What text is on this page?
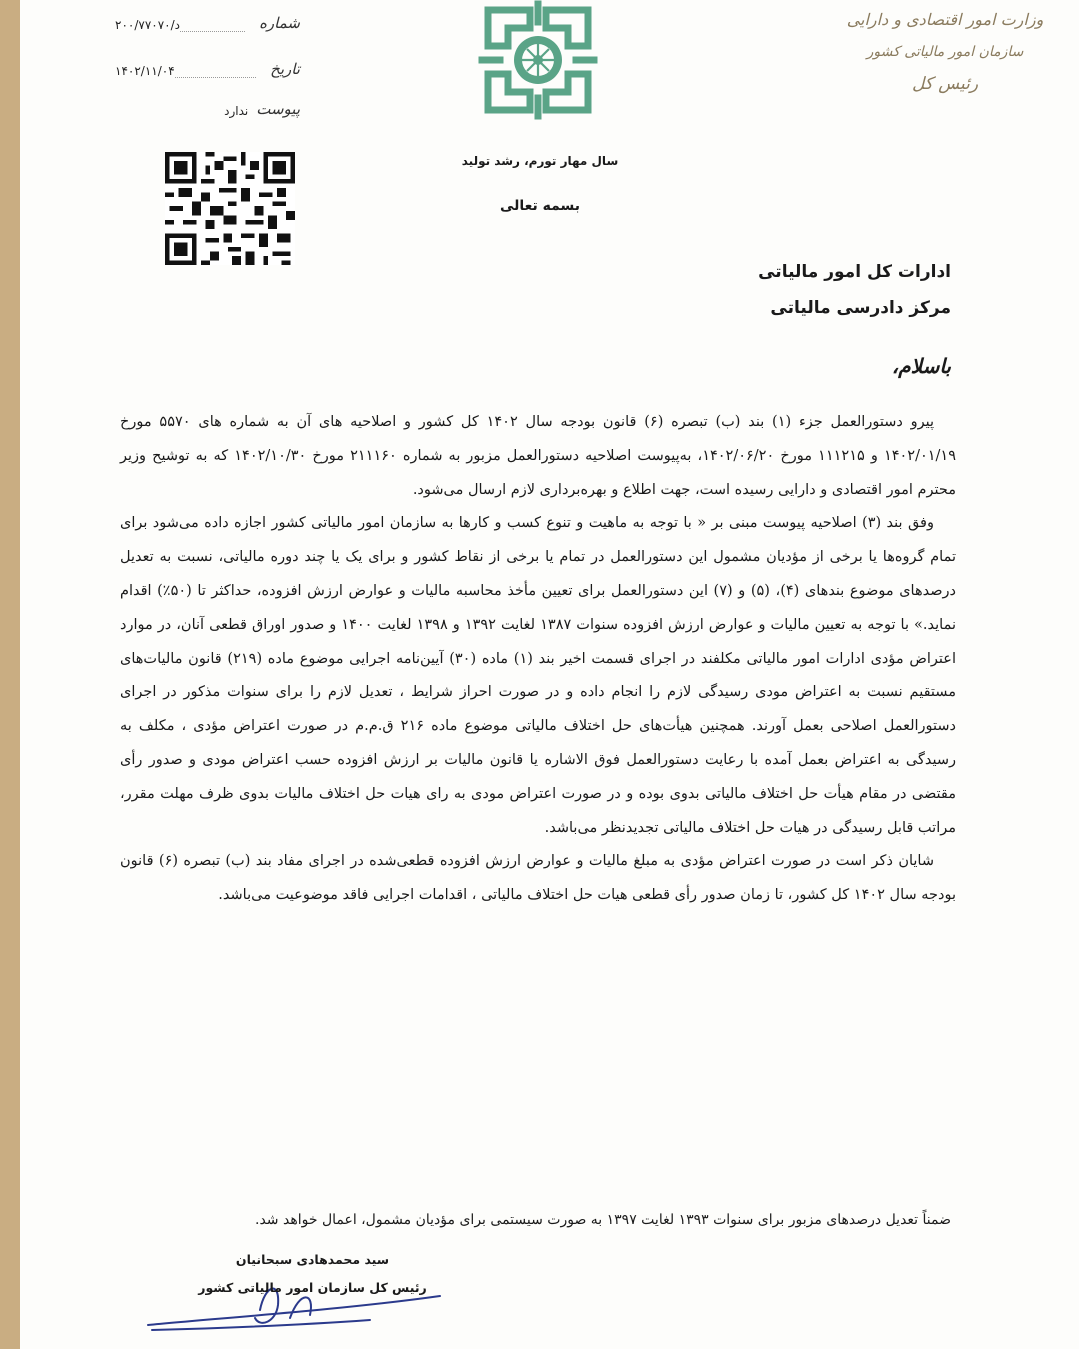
شماره
د/۲۰۰/۷۷۰۷۰
تاریخ
۱۴۰۲/۱۱/۰۴
پیوست
ندارد
وزارت امور اقتصادی و دارایی
سازمان امور مالیاتی کشور
رئیس کل
سال مهار تورم، رشد تولید
بسمه تعالی
ادارات کل امور مالیاتی
مرکز دادرسی مالیاتی
باسلام،

پیرو دستورالعمل جزء (۱) بند (ب) تبصره (۶) قانون بودجه سال ۱۴۰۲ کل کشور و اصلاحیه های آن به شماره های ۵۵۷۰ مورخ ۱۴۰۲/۰۱/۱۹ و ۱۱۱۲۱۵ مورخ ۱۴۰۲/۰۶/۲۰، به‌پیوست اصلاحیه دستورالعمل مزبور به شماره ۲۱۱۱۶۰ مورخ ۱۴۰۲/۱۰/۳۰ که به توشیح وزیر محترم امور اقتصادی و دارایی رسیده است، جهت اطلاع و بهره‌برداری لازم ارسال می‌شود.

وفق بند (۳) اصلاحیه پیوست مبنی بر « با توجه به ماهیت و تنوع کسب و کارها به سازمان امور مالیاتی کشور اجازه داده می‌شود برای تمام گروه‌ها یا برخی از مؤدیان مشمول این دستورالعمل در تمام یا برخی از نقاط کشور و برای یک یا چند دوره مالیاتی، نسبت به تعدیل درصدهای موضوع بندهای (۴)، (۵) و (۷) این دستورالعمل برای تعیین مأخذ محاسبه مالیات و عوارض ارزش افزوده، حداکثر تا (۵۰٪) اقدام نماید.» با توجه به تعیین مالیات و عوارض ارزش افزوده سنوات ۱۳۸۷ لغایت ۱۳۹۲ و ۱۳۹۸ لغایت ۱۴۰۰ و صدور اوراق قطعی آنان، در موارد اعتراض مؤدی ادارات امور مالیاتی مکلفند در اجرای قسمت اخیر بند (۱) ماده (۳۰) آیین‌نامه اجرایی موضوع ماده (۲۱۹) قانون مالیات‌های مستقیم نسبت به اعتراض مودی رسیدگی لازم را انجام داده و در صورت احراز شرایط ، تعدیل لازم را برای سنوات مذکور در اجرای دستورالعمل اصلاحی بعمل آورند. همچنین هیأت‌های حل اختلاف مالیاتی موضوع ماده ۲۱۶ ق.م.م در صورت اعتراض مؤدی ، مکلف به رسیدگی به اعتراض بعمل آمده با رعایت دستورالعمل فوق الاشاره یا قانون مالیات بر ارزش افزوده حسب اعتراض مودی و صدور رأی مقتضی در مقام هیأت حل اختلاف مالیاتی بدوی بوده و در صورت اعتراض مودی به رای هیات حل اختلاف مالیات بدوی ظرف مهلت مقرر، مراتب قابل رسیدگی در هیات حل اختلاف مالیاتی تجدیدنظر می‌باشد.

شایان ذکر است در صورت اعتراض مؤدی به مبلغ مالیات و عوارض ارزش افزوده قطعی‌شده در اجرای مفاد بند (ب) تبصره (۶) قانون بودجه سال ۱۴۰۲ کل کشور، تا زمان صدور رأی قطعی هیات حل اختلاف مالیاتی ، اقدامات اجرایی فاقد موضوعیت می‌باشد.

ضمناً تعدیل درصدهای مزبور برای سنوات ۱۳۹۳ لغایت ۱۳۹۷ به صورت سیستمی برای مؤدیان مشمول، اعمال خواهد شد.
سید محمدهادی سبحانیان
رئیس کل سازمان امور مالیاتی کشور
